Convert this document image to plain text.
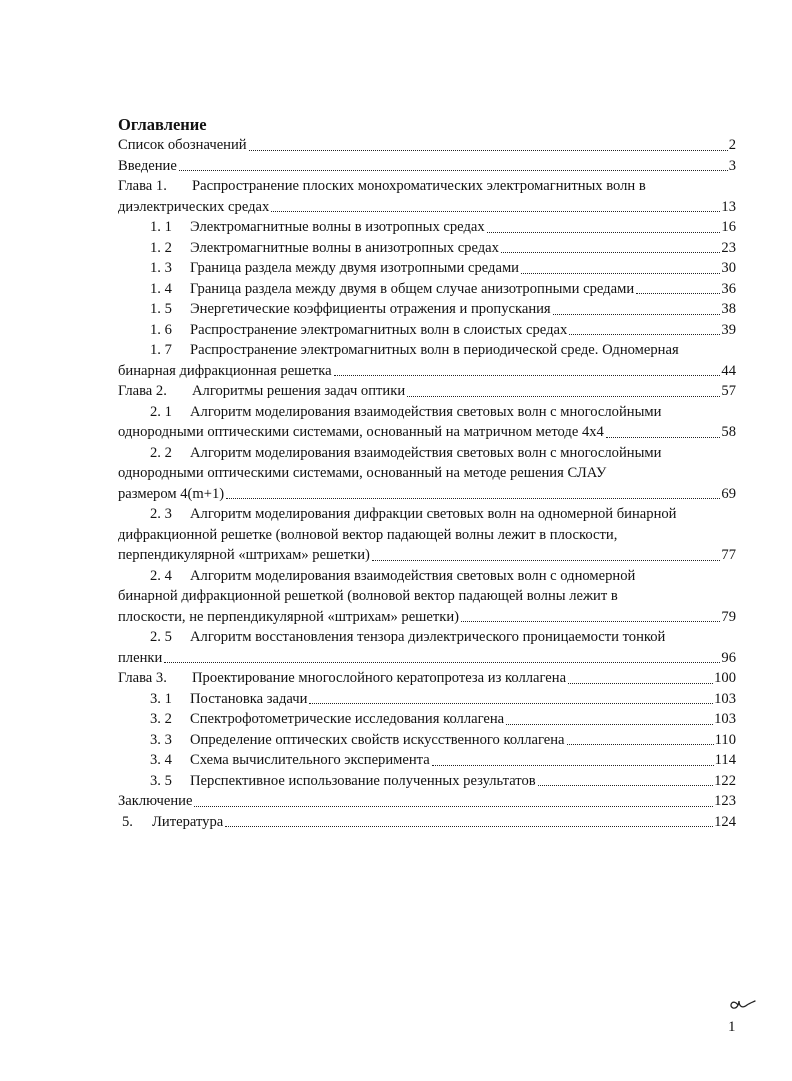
Оглавление
Список обозначений	2
Введение	3
Глава 1. Распространение плоских монохроматических электромагнитных волн в
диэлектрических средах	13
1. 1	Электромагнитные волны в изотропных средах	16
1. 2	Электромагнитные волны в анизотропных средах	23
1. 3	Граница раздела между двумя изотропными средами	30
1. 4	Граница раздела между двумя в общем случае анизотропными средами	36
1. 5	Энергетические коэффициенты отражения и пропускания	38
1. 6	Распространение электромагнитных волн в слоистых средах	39
1. 7 Распространение электромагнитных волн в периодической среде. Одномерная
бинарная дифракционная решетка	44
Глава 2.	Алгоритмы решения задач оптики	57
2. 1 Алгоритм моделирования взаимодействия световых волн с многослойными
однородными оптическими системами, основанный на матричном методе 4x4	58
2. 2 Алгоритм моделирования взаимодействия световых волн с многослойными
однородными оптическими системами, основанный на методе решения СЛАУ
размером 4(m+1)	69
2. 3 Алгоритм моделирования дифракции световых волн на одномерной бинарной
дифракционной решетке (волновой вектор падающей волны лежит в плоскости,
перпендикулярной «штрихам» решетки)	77
2. 4 Алгоритм моделирования взаимодействия световых волн с одномерной
бинарной дифракционной решеткой (волновой вектор падающей волны лежит в
плоскости, не перпендикулярной «штрихам» решетки)	79
2. 5 Алгоритм восстановления тензора диэлектрического проницаемости тонкой
пленки	96
Глава 3.	Проектирование многослойного кератопротеза из коллагена	100
3. 1	Постановка задачи	103
3. 2	Спектрофотометрические исследования коллагена	103
3. 3	Определение оптических свойств искусственного коллагена	110
3. 4	Схема вычислительного эксперимента	114
3. 5	Перспективное использование полученных результатов	122
Заключение	123
5.	Литература	124
1
